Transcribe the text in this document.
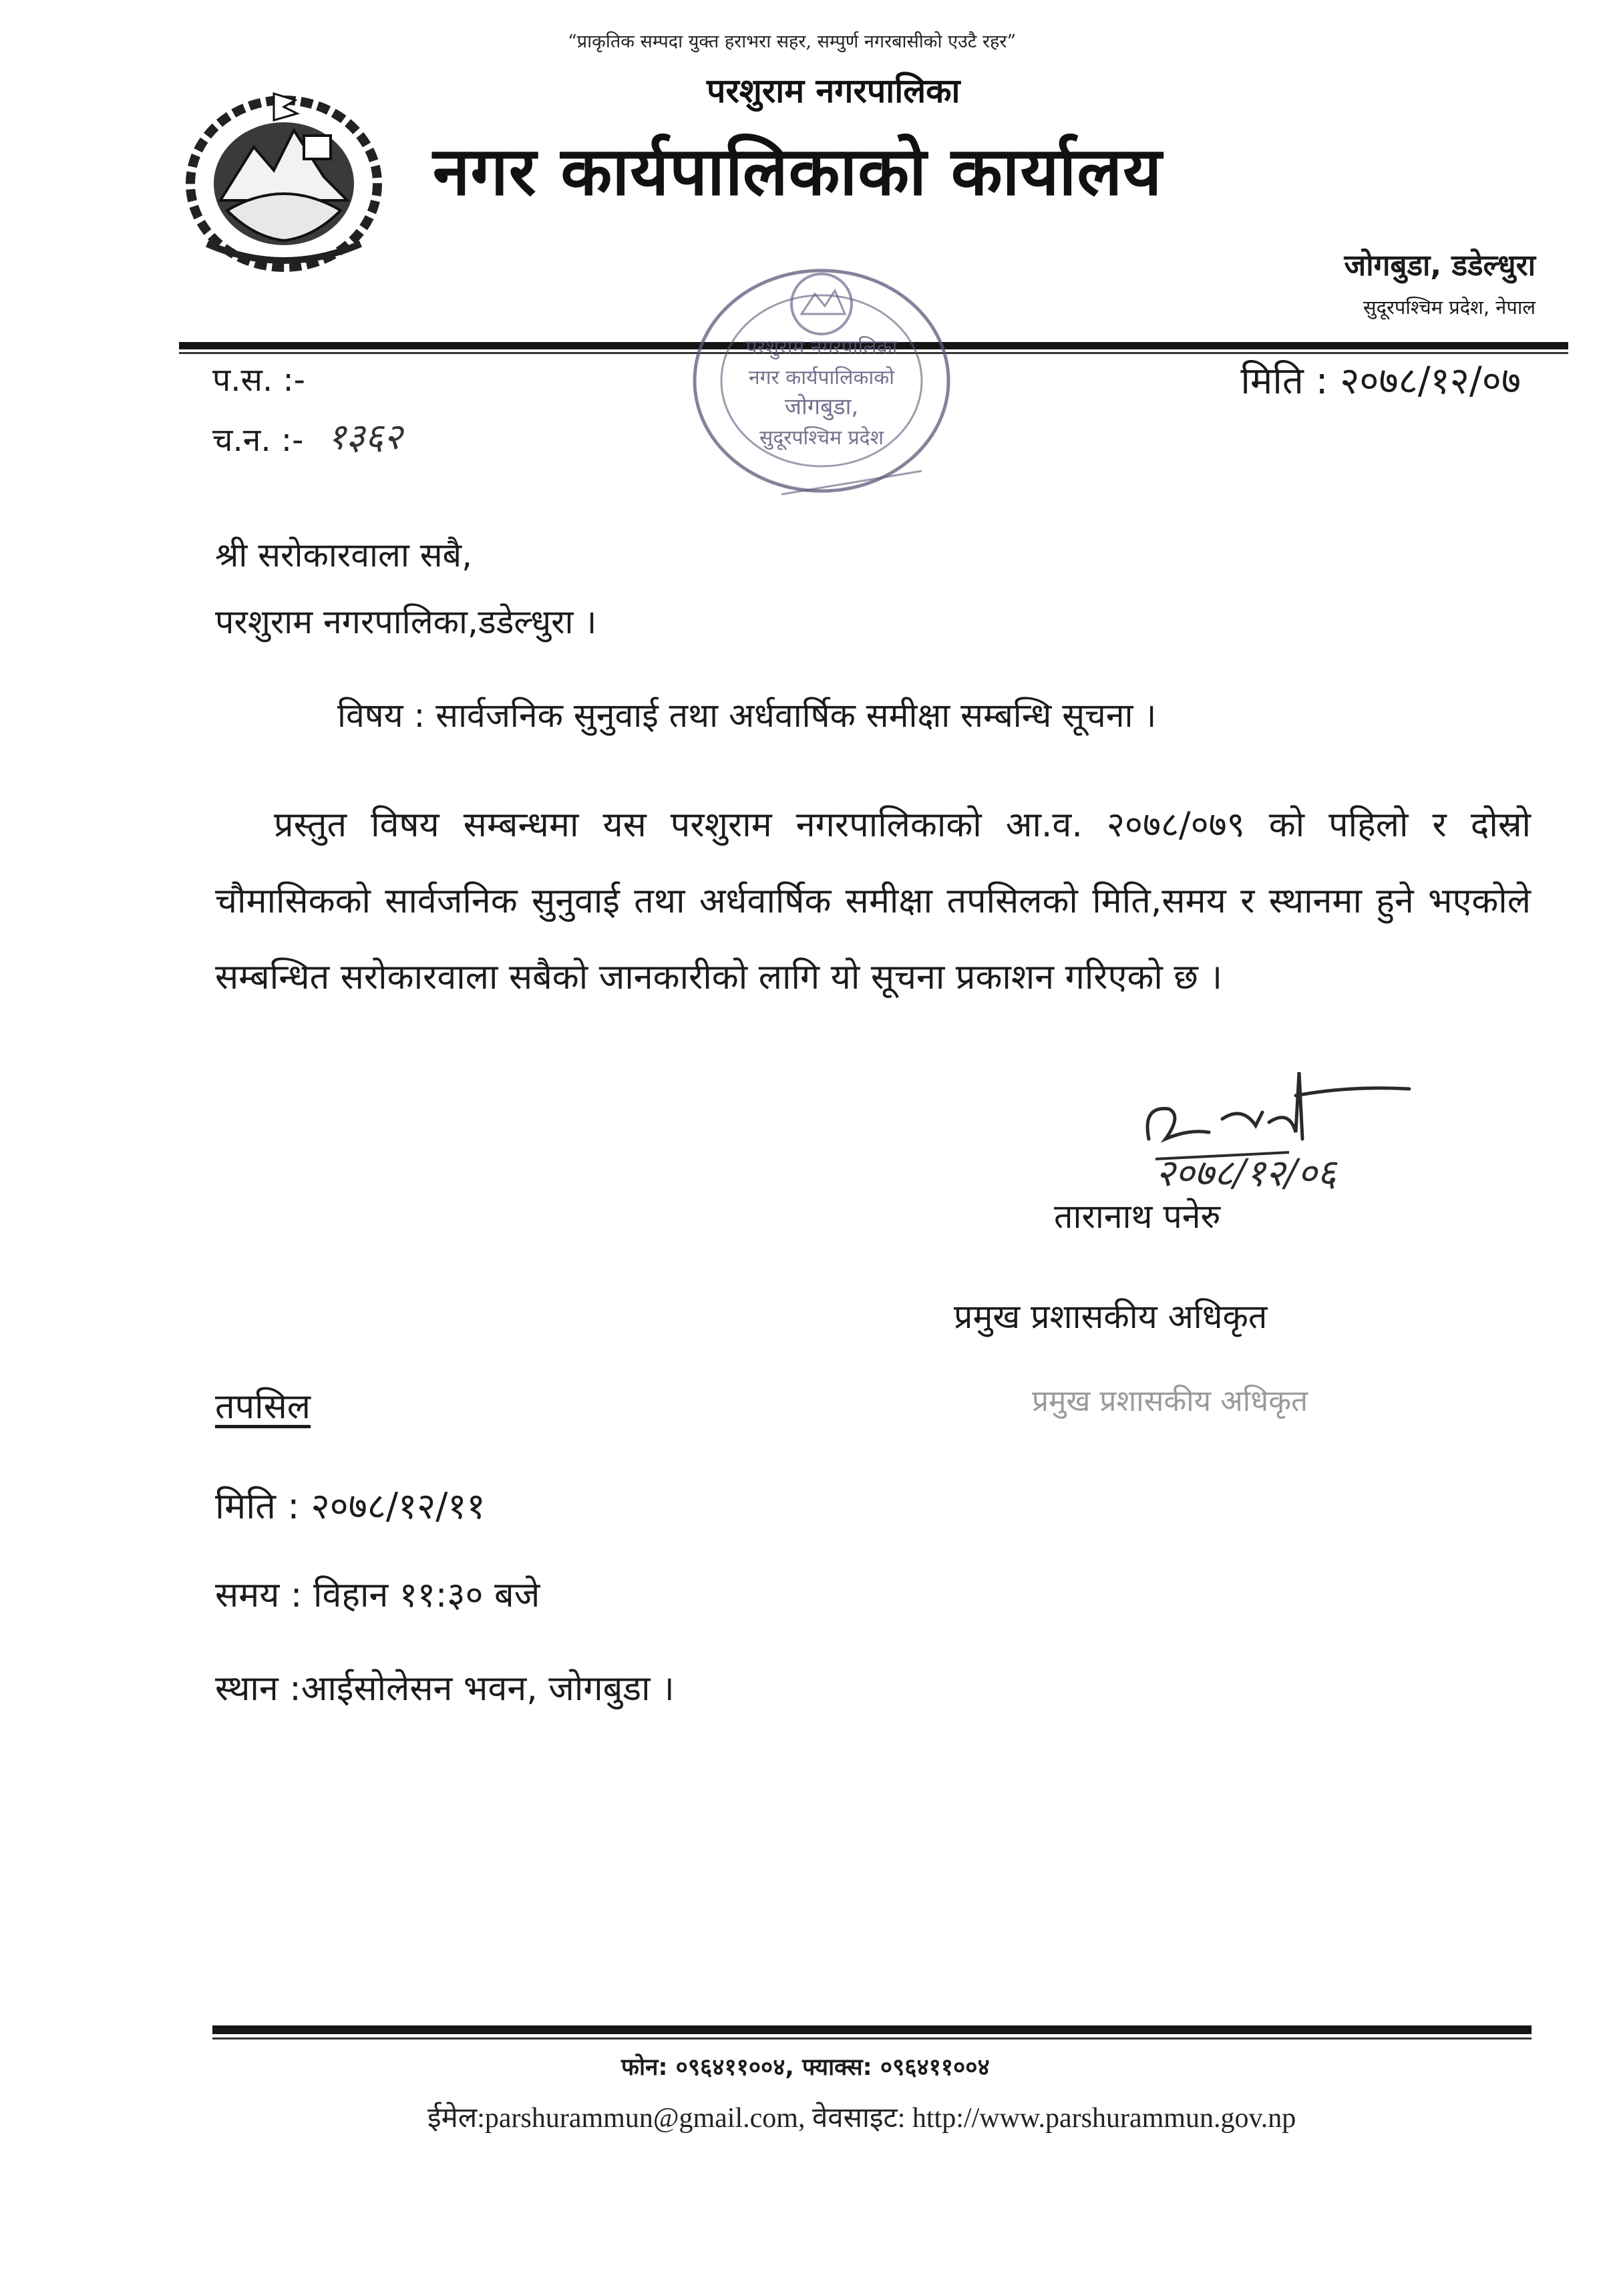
“प्राकृतिक सम्पदा युक्त हराभरा सहर, सम्पुर्ण नगरबासीको एउटै रहर”
परशुराम नगरपालिका
नगर कार्यपालिकाको कार्यालय
जोगबुडा, डडेल्धुरा
सुदूरपश्चिम प्रदेश, नेपाल
परशुराम नगरपालिका
नगर कार्यपालिकाको
जोगबुडा,
सुदूरपश्चिम प्रदेश
प.स. :-
च.न. :- १३६२
मिति : २०७८/१२/०७
श्री सरोकारवाला सबै,
परशुराम नगरपालिका,डडेल्धुरा ।
विषय : सार्वजनिक सुनुवाई तथा अर्धवार्षिक समीक्षा सम्बन्धि सूचना ।
प्रस्तुत विषय सम्बन्धमा यस परशुराम नगरपालिकाको आ.व. २०७८/०७९ को पहिलो र दोस्रो चौमासिकको सार्वजनिक सुनुवाई तथा अर्धवार्षिक समीक्षा तपसिलको मिति,समय र स्थानमा हुने भएकोले सम्बन्धित सरोकारवाला सबैको जानकारीको लागि यो सूचना प्रकाशन गरिएको छ ।
२०७८/१२/०६
तारानाथ पनेरु
प्रमुख प्रशासकीय अधिकृत
प्रमुख प्रशासकीय अधिकृत
तपसिल
मिति : २०७८/१२/११
समय : विहान ११:३० बजे
स्थान :आईसोलेसन भवन, जोगबुडा ।
फोन: ०९६४११००४, फ्याक्स: ०९६४११००४
ईमेल:parshurammun@gmail.com, वेवसाइट: http://www.parshurammun.gov.np
